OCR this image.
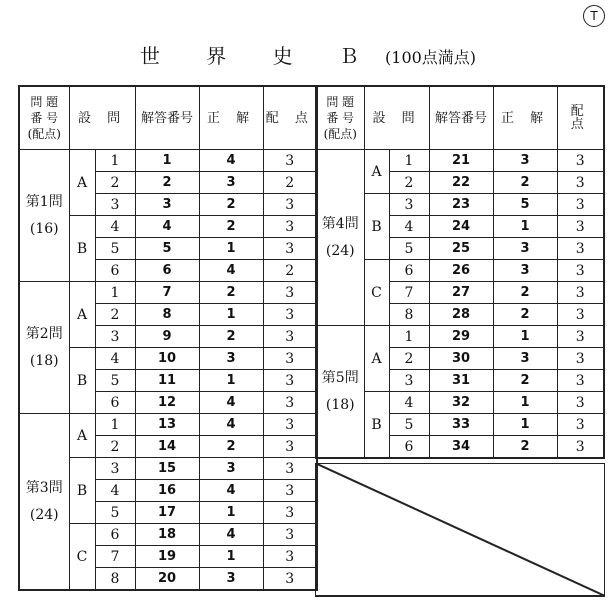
T
世 界 史 Ｂ (100点満点)
問 題
番 号
(配点)	設 問		解答番号	正 解	配 点
第1問
(16)	A	1	1	4	3
		2	2	3	2
		3	3	2	3
	B	4	4	2	3
		5	5	1	3
		6	6	4	2
第2問
(18)	A	1	7	2	3
		2	8	1	3
		3	9	2	3
	B	4	10	3	3
		5	11	1	3
		6	12	4	3
第3問
(24)	A	1	13	4	3
		2	14	2	3
	B	3	15	3	3
		4	16	4	3
		5	17	1	3
	C	6	18	4	3
		7	19	1	3
		8	20	3	3
問 題
番 号
(配点)	設 問		解答番号	正 解	配 点
第4問
(24)	A	1	21	3	3
		2	22	2	3
	B	3	23	5	3
		4	24	1	3
		5	25	3	3
	C	6	26	3	3
		7	27	2	3
		8	28	2	3
第5問
(18)	A	1	29	1	3
		2	30	3	3
		3	31	2	3
	B	4	32	1	3
		5	33	1	3
		6	34	2	3
